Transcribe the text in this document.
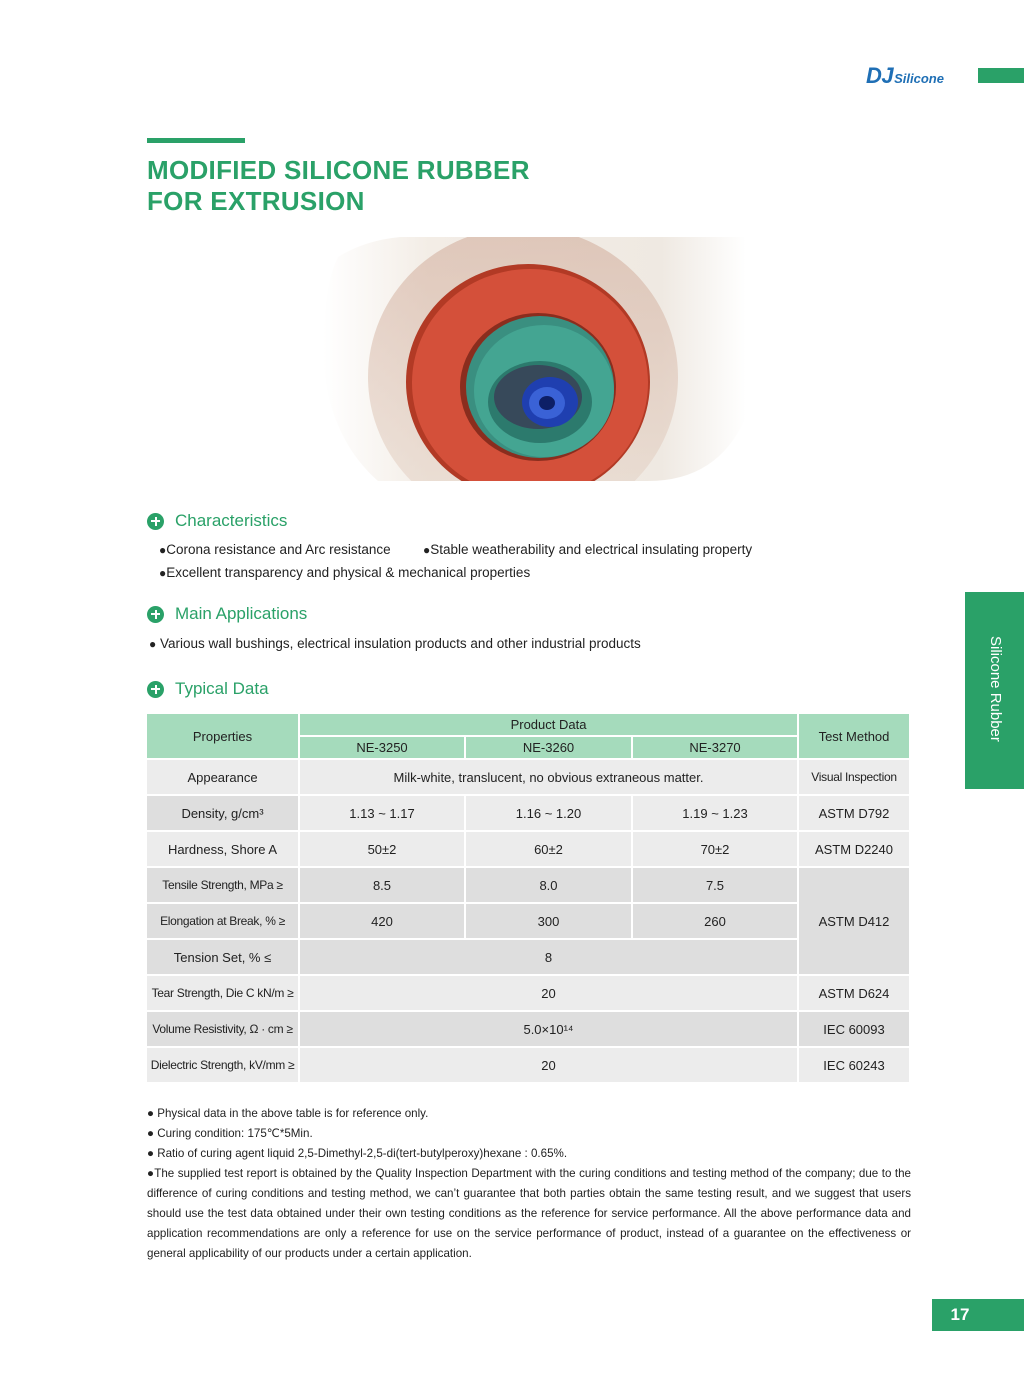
DJ Silicone
MODIFIED SILICONE RUBBER
FOR EXTRUSION
Characteristics
●Corona resistance and Arc resistance	●Stable weatherability and electrical insulating property
●Excellent transparency and physical & mechanical properties
Main Applications
● Various wall bushings, electrical insulation products and other industrial products
Typical Data	Silicone Rubber
Properties	Product Data			Test Method
	NE-3250	NE-3260	NE-3270	
Appearance	Milk-white, translucent, no obvious extraneous matter.			Visual Inspection
Density, g/cm³	1.13 ~ 1.17	1.16 ~ 1.20	1.19 ~ 1.23	ASTM D792
Hardness, Shore A	50±2	60±2	70±2	ASTM D2240
Tensile Strength, MPa ≥	8.5	8.0	7.5	ASTM D412
Elongation at Break, % ≥	420	300	260	
Tension Set, % ≤	8			
Tear Strength, Die C kN/m ≥	20			ASTM D624
Volume Resistivity, Ω · cm ≥	5.0×10¹⁴			IEC 60093
Dielectric Strength, kV/mm ≥	20			IEC 60243

● Physical data in the above table is for reference only.

● Curing condition: 175℃*5Min.

● Ratio of curing agent liquid 2,5-Dimethyl-2,5-di(tert-butylperoxy)hexane : 0.65%.

●The supplied test report is obtained by the Quality Inspection Department with the curing conditions and testing method of the company; due to the difference of curing conditions and testing method, we can’t guarantee that both parties obtain the same testing result, and we suggest that users should use the test data obtained under their own testing conditions as the reference for service performance. All the above performance data and application recommendations are only a reference for use on the service performance of product, instead of a guarantee on the effectiveness or general applicability of our products under a certain application.

17
